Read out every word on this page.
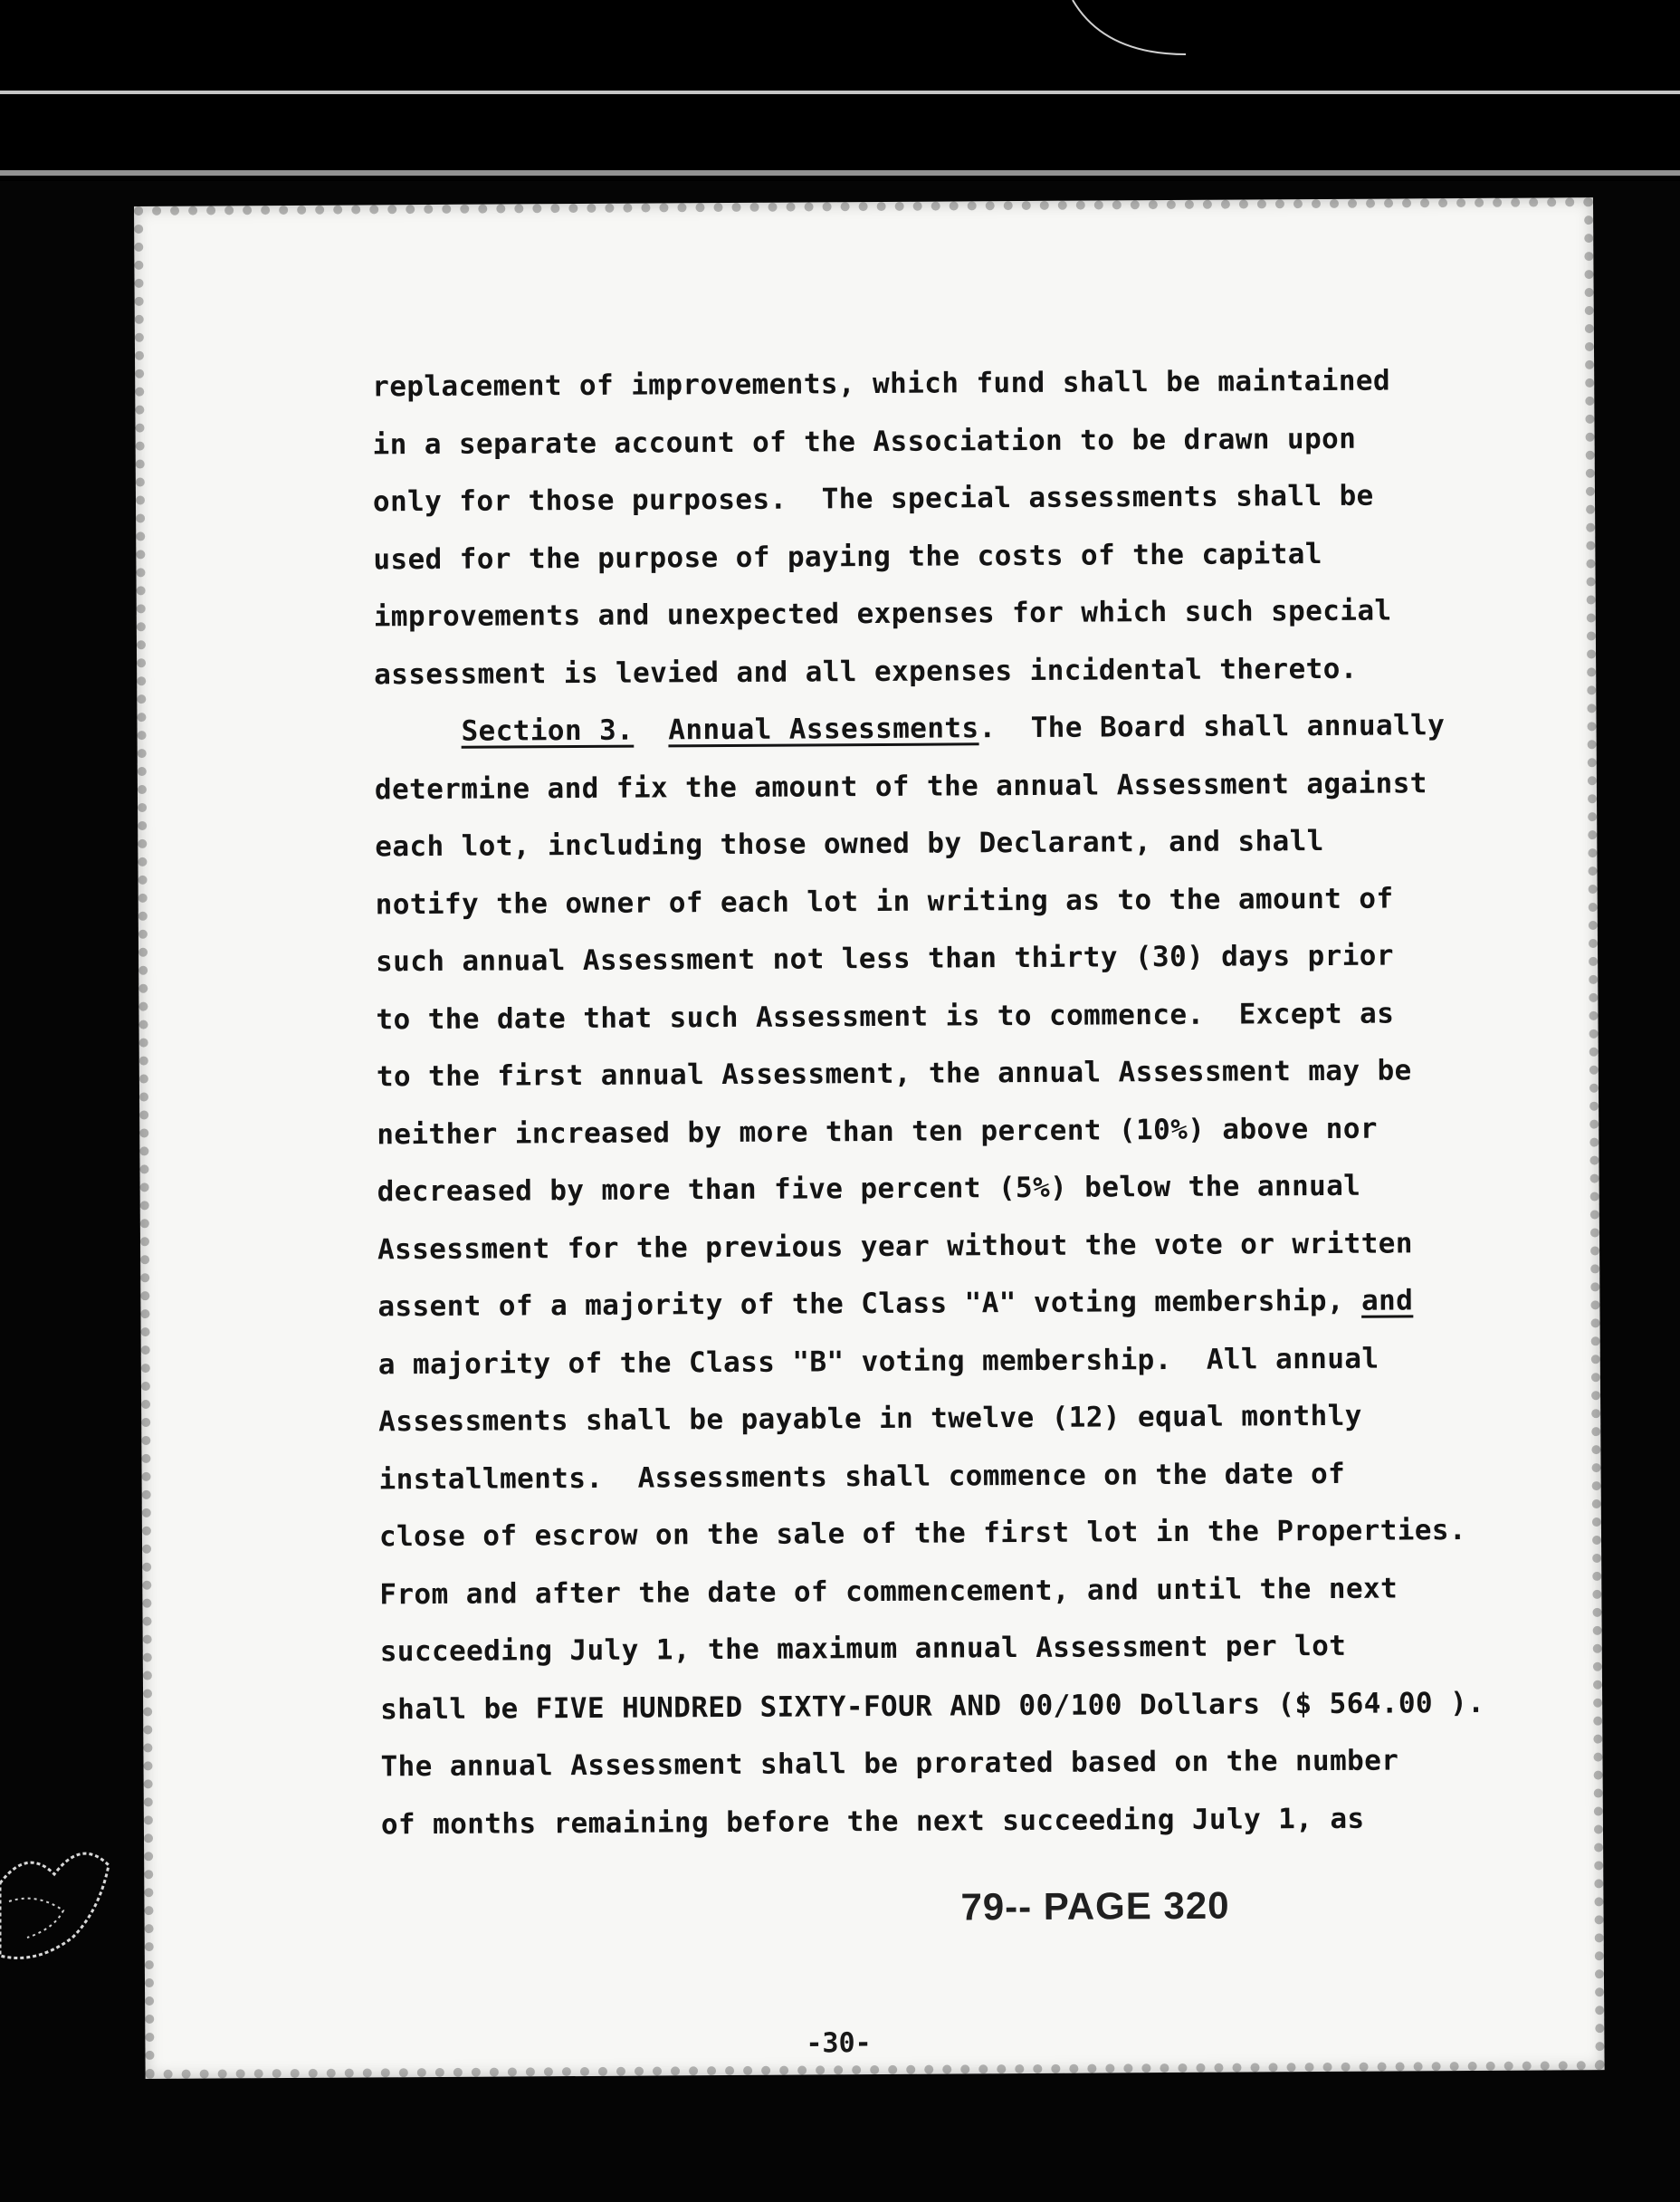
replacement of improvements, which fund shall be maintained
in a separate account of the Association to be drawn upon
only for those purposes.  The special assessments shall be
used for the purpose of paying the costs of the capital
improvements and unexpected expenses for which such special
assessment is levied and all expenses incidental thereto.
Section 3. Annual Assessments.  The Board shall annually
determine and fix the amount of the annual Assessment against
each lot, including those owned by Declarant, and shall
notify the owner of each lot in writing as to the amount of
such annual Assessment not less than thirty (30) days prior
to the date that such Assessment is to commence.  Except as
to the first annual Assessment, the annual Assessment may be
neither increased by more than ten percent (10%) above nor
decreased by more than five percent (5%) below the annual
Assessment for the previous year without the vote or written
assent of a majority of the Class "A" voting membership, and
a majority of the Class "B" voting membership.  All annual
Assessments shall be payable in twelve (12) equal monthly
installments.  Assessments shall commence on the date of
close of escrow on the sale of the first lot in the Properties.
From and after the date of commencement, and until the next
succeeding July 1, the maximum annual Assessment per lot
shall be FIVE HUNDRED SIXTY-FOUR AND 00/100 Dollars ($ 564.00 ).
The annual Assessment shall be prorated based on the number
of months remaining before the next succeeding July 1, as
79-- PAGE 320
-30-
